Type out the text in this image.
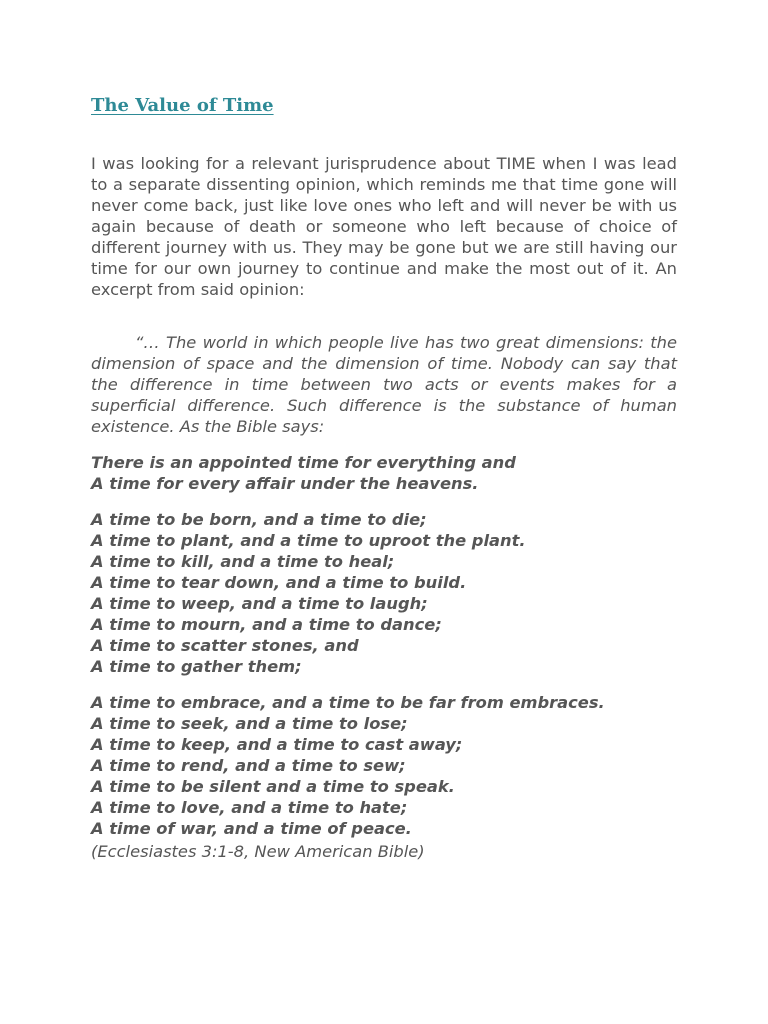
The Value of Time

I was looking for a relevant jurisprudence about TIME when I was lead to a separate dissenting opinion, which reminds me that time gone will never come back, just like love ones who left and will never be with us again because of death or someone who left because of choice of different journey with us. They may be gone but we are still having our time for our own journey to continue and make the most out of it. An excerpt from said opinion:

“… The world in which people live has two great dimensions: the dimension of space and the dimension of time. Nobody can say that the difference in time between two acts or events makes for a superficial difference. Such difference is the substance of human existence. As the Bible says:

There is an appointed time for everything and
A time for every affair under the heavens.
A time to be born, and a time to die;
A time to plant, and a time to uproot the plant.
A time to kill, and a time to heal;
A time to tear down, and a time to build.
A time to weep, and a time to laugh;
A time to mourn, and a time to dance;
A time to scatter stones, and
A time to gather them;
A time to embrace, and a time to be far from embraces.
A time to seek, and a time to lose;
A time to keep, and a time to cast away;
A time to rend, and a time to sew;
A time to be silent and a time to speak.
A time to love, and a time to hate;
A time of war, and a time of peace.

(Ecclesiastes 3:1-8, New American Bible)
